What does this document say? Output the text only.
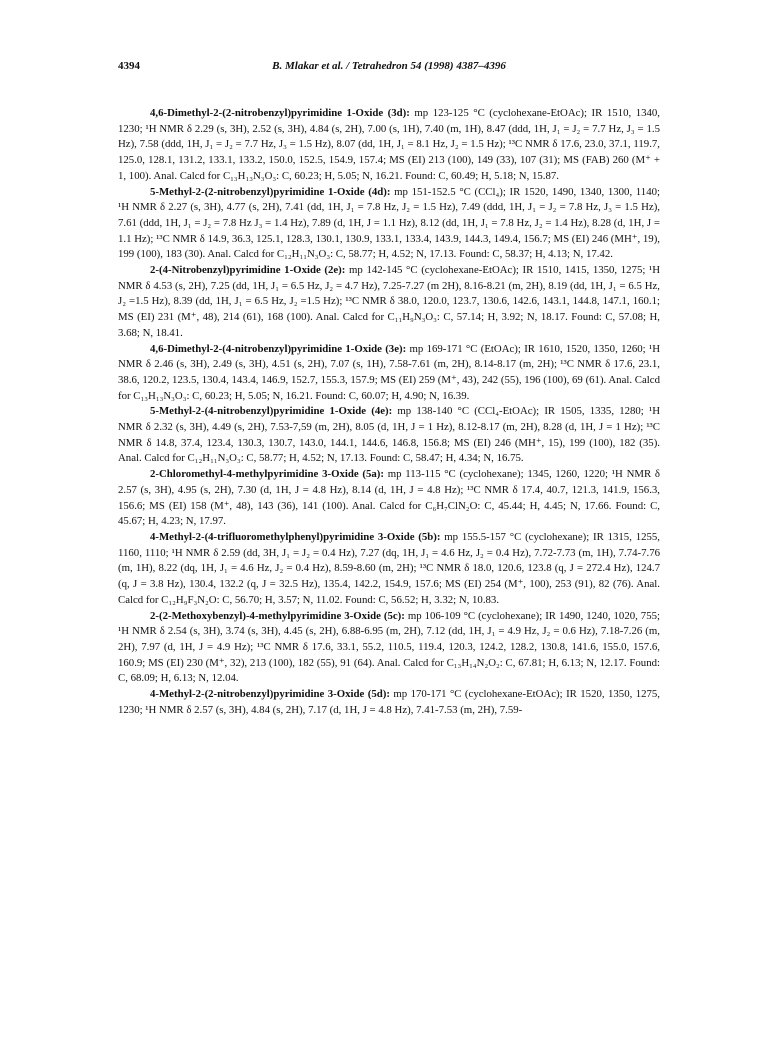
4394	B. Mlakar et al. / Tetrahedron 54 (1998) 4387–4396

4,6-Dimethyl-2-(2-nitrobenzyl)pyrimidine 1-Oxide (3d): mp 123-125 °C (cyclohexane-EtOAc); IR 1510, 1340, 1230; ¹H NMR δ 2.29 (s, 3H), 2.52 (s, 3H), 4.84 (s, 2H), 7.00 (s, 1H), 7.40 (m, 1H), 8.47 (ddd, 1H, J₁ = J₂ = 7.7 Hz, J₃ = 1.5 Hz), 7.58 (ddd, 1H, J₁ = J₂ = 7.7 Hz, J₃ = 1.5 Hz), 8.07 (dd, 1H, J₁ = 8.1 Hz, J₂ = 1.5 Hz); ¹³C NMR δ 17.6, 23.0, 37.1, 119.7, 125.0, 128.1, 131.2, 133.1, 133.2, 150.0, 152.5, 154.9, 157.4; MS (EI) 213 (100), 149 (33), 107 (31); MS (FAB) 260 (M⁺ + 1, 100). Anal. Calcd for C₁₃H₁₃N₃O₃: C, 60.23; H, 5.05; N, 16.21. Found: C, 60.49; H, 5.18; N, 15.87.

5-Methyl-2-(2-nitrobenzyl)pyrimidine 1-Oxide (4d): mp 151-152.5 °C (CCl₄); IR 1520, 1490, 1340, 1300, 1140; ¹H NMR δ 2.27 (s, 3H), 4.77 (s, 2H), 7.41 (dd, 1H, J₁ = 7.8 Hz, J₂ = 1.5 Hz), 7.49 (ddd, 1H, J₁ = J₂ = 7.8 Hz, J₃ = 1.5 Hz), 7.61 (ddd, 1H, J₁ = J₂ = 7.8 Hz J₃ = 1.4 Hz), 7.89 (d, 1H, J = 1.1 Hz), 8.12 (dd, 1H, J₁ = 7.8 Hz, J₂ = 1.4 Hz), 8.28 (d, 1H, J = 1.1 Hz); ¹³C NMR δ 14.9, 36.3, 125.1, 128.3, 130.1, 130.9, 133.1, 133.4, 143.9, 144.3, 149.4, 156.7; MS (EI) 246 (MH⁺, 19), 199 (100), 183 (30). Anal. Calcd for C₁₂H₁₁N₃O₃: C, 58.77; H, 4.52; N, 17.13. Found: C, 58.37; H, 4.13; N, 17.42.

2-(4-Nitrobenzyl)pyrimidine 1-Oxide (2e): mp 142-145 °C (cyclohexane-EtOAc); IR 1510, 1415, 1350, 1275; ¹H NMR δ 4.53 (s, 2H), 7.25 (dd, 1H, J₁ = 6.5 Hz, J₂ = 4.7 Hz), 7.25-7.27 (m 2H), 8.16-8.21 (m, 2H), 8.19 (dd, 1H, J₁ = 6.5 Hz, J₂ =1.5 Hz), 8.39 (dd, 1H, J₁ = 6.5 Hz, J₂ =1.5 Hz); ¹³C NMR δ 38.0, 120.0, 123.7, 130.6, 142.6, 143.1, 144.8, 147.1, 160.1; MS (EI) 231 (M⁺, 48), 214 (61), 168 (100). Anal. Calcd for C₁₁H₉N₃O₃: C, 57.14; H, 3.92; N, 18.17. Found: C, 57.08; H, 3.68; N, 18.41.

4,6-Dimethyl-2-(4-nitrobenzyl)pyrimidine 1-Oxide (3e): mp 169-171 °C (EtOAc); IR 1610, 1520, 1350, 1260; ¹H NMR δ 2.46 (s, 3H), 2.49 (s, 3H), 4.51 (s, 2H), 7.07 (s, 1H), 7.58-7.61 (m, 2H), 8.14-8.17 (m, 2H); ¹³C NMR δ 17.6, 23.1, 38.6, 120.2, 123.5, 130.4, 143.4, 146.9, 152.7, 155.3, 157.9; MS (EI) 259 (M⁺, 43), 242 (55), 196 (100), 69 (61). Anal. Calcd for C₁₃H₁₃N₃O₃: C, 60.23; H, 5.05; N, 16.21. Found: C, 60.07; H, 4.90; N, 16.39.

5-Methyl-2-(4-nitrobenzyl)pyrimidine 1-Oxide (4e): mp 138-140 °C (CCl₄-EtOAc); IR 1505, 1335, 1280; ¹H NMR δ 2.32 (s, 3H), 4.49 (s, 2H), 7.53-7,59 (m, 2H), 8.05 (d, 1H, J = 1 Hz), 8.12-8.17 (m, 2H), 8.28 (d, 1H, J = 1 Hz); ¹³C NMR δ 14.8, 37.4, 123.4, 130.3, 130.7, 143.0, 144.1, 144.6, 146.8, 156.8; MS (EI) 246 (MH⁺, 15), 199 (100), 182 (35). Anal. Calcd for C₁₂H₁₁N₃O₃: C, 58.77; H, 4.52; N, 17.13. Found: C, 58.47; H, 4.34; N, 16.75.

2-Chloromethyl-4-methylpyrimidine 3-Oxide (5a): mp 113-115 °C (cyclohexane); 1345, 1260, 1220; ¹H NMR δ 2.57 (s, 3H), 4.95 (s, 2H), 7.30 (d, 1H, J = 4.8 Hz), 8.14 (d, 1H, J = 4.8 Hz); ¹³C NMR δ 17.4, 40.7, 121.3, 141.9, 156.3, 156.6; MS (EI) 158 (M⁺, 48), 143 (36), 141 (100). Anal. Calcd for C₆H₇ClN₂O: C, 45.44; H, 4.45; N, 17.66. Found: C, 45.67; H, 4.23; N, 17.97.

4-Methyl-2-(4-trifluoromethylphenyl)pyrimidine 3-Oxide (5b): mp 155.5-157 °C (cyclohexane); IR 1315, 1255, 1160, 1110; ¹H NMR δ 2.59 (dd, 3H, J₁ = J₂ = 0.4 Hz), 7.27 (dq, 1H, J₁ = 4.6 Hz, J₂ = 0.4 Hz), 7.72-7.73 (m, 1H), 7.74-7.76 (m, 1H), 8.22 (dq, 1H, J₁ = 4.6 Hz, J₂ = 0.4 Hz), 8.59-8.60 (m, 2H); ¹³C NMR δ 18.0, 120.6, 123.8 (q, J = 272.4 Hz), 124.7 (q, J = 3.8 Hz), 130.4, 132.2 (q, J = 32.5 Hz), 135.4, 142.2, 154.9, 157.6; MS (EI) 254 (M⁺, 100), 253 (91), 82 (76). Anal. Calcd for C₁₂H₉F₃N₂O: C, 56.70; H, 3.57; N, 11.02. Found: C, 56.52; H, 3.32; N, 10.83.

2-(2-Methoxybenzyl)-4-methylpyrimidine 3-Oxide (5c): mp 106-109 °C (cyclohexane); IR 1490, 1240, 1020, 755; ¹H NMR δ 2.54 (s, 3H), 3.74 (s, 3H), 4.45 (s, 2H), 6.88-6.95 (m, 2H), 7.12 (dd, 1H, J₁ = 4.9 Hz, J₂ = 0.6 Hz), 7.18-7.26 (m, 2H), 7.97 (d, 1H, J = 4.9 Hz); ¹³C NMR δ 17.6, 33.1, 55.2, 110.5, 119.4, 120.3, 124.2, 128.2, 130.8, 141.6, 155.0, 157.6, 160.9; MS (EI) 230 (M⁺, 32), 213 (100), 182 (55), 91 (64). Anal. Calcd for C₁₃H₁₄N₂O₂: C, 67.81; H, 6.13; N, 12.17. Found: C, 68.09; H, 6.13; N, 12.04.

4-Methyl-2-(2-nitrobenzyl)pyrimidine 3-Oxide (5d): mp 170-171 °C (cyclohexane-EtOAc); IR 1520, 1350, 1275, 1230; ¹H NMR δ 2.57 (s, 3H), 4.84 (s, 2H), 7.17 (d, 1H, J = 4.8 Hz), 7.41-7.53 (m, 2H), 7.59-
